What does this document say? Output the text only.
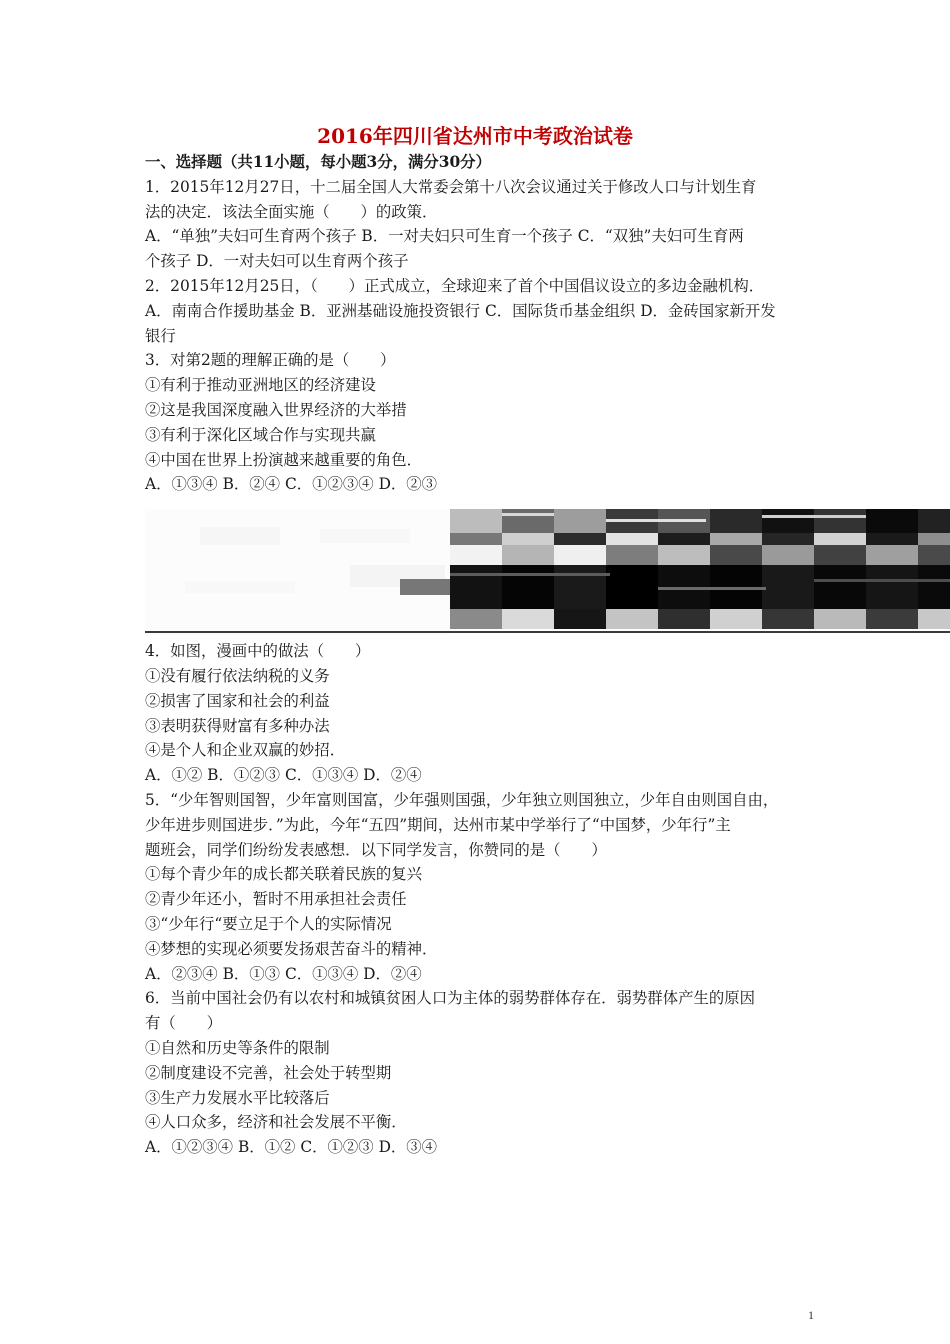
2016年四川省达州市中考政治试卷
一、选择题（共11小题，每小题3分，满分30分）
1．2015年12月27日，十二届全国人大常委会第十八次会议通过关于修改人口与计划生育
法的决定．该法全面实施（　　）的政策．
A．“单独”夫妇可生育两个孩子 B．一对夫妇只可生育一个孩子 C．“双独”夫妇可生育两
个孩子 D．一对夫妇可以生育两个孩子
2．2015年12月25日，（　　）正式成立，全球迎来了首个中国倡议设立的多边金融机构．
A．南南合作援助基金 B．亚洲基础设施投资银行 C．国际货币基金组织 D．金砖国家新开发
银行
3．对第2题的理解正确的是（　　）
①有利于推动亚洲地区的经济建设
②这是我国深度融入世界经济的大举措
③有利于深化区域合作与实现共赢
④中国在世界上扮演越来越重要的角色．
A．①③④ B．②④ C．①②③④ D．②③
4．如图，漫画中的做法（　　）
①没有履行依法纳税的义务
②损害了国家和社会的利益
③表明获得财富有多种办法
④是个人和企业双赢的妙招．
A．①② B．①②③ C．①③④ D．②④
5．“少年智则国智，少年富则国富，少年强则国强，少年独立则国独立，少年自由则国自由，
少年进步则国进步．”为此，今年“五四”期间，达州市某中学举行了“中国梦，少年行”主
题班会，同学们纷纷发表感想．以下同学发言，你赞同的是（　　）
①每个青少年的成长都关联着民族的复兴
②青少年还小，暂时不用承担社会责任
③“少年行“要立足于个人的实际情况
④梦想的实现必须要发扬艰苦奋斗的精神．
A．②③④ B．①③ C．①③④ D．②④
6．当前中国社会仍有以农村和城镇贫困人口为主体的弱势群体存在．弱势群体产生的原因
有（　　）
①自然和历史等条件的限制
②制度建设不完善，社会处于转型期
③生产力发展水平比较落后
④人口众多，经济和社会发展不平衡．
A．①②③④ B．①② C．①②③ D．③④
1
